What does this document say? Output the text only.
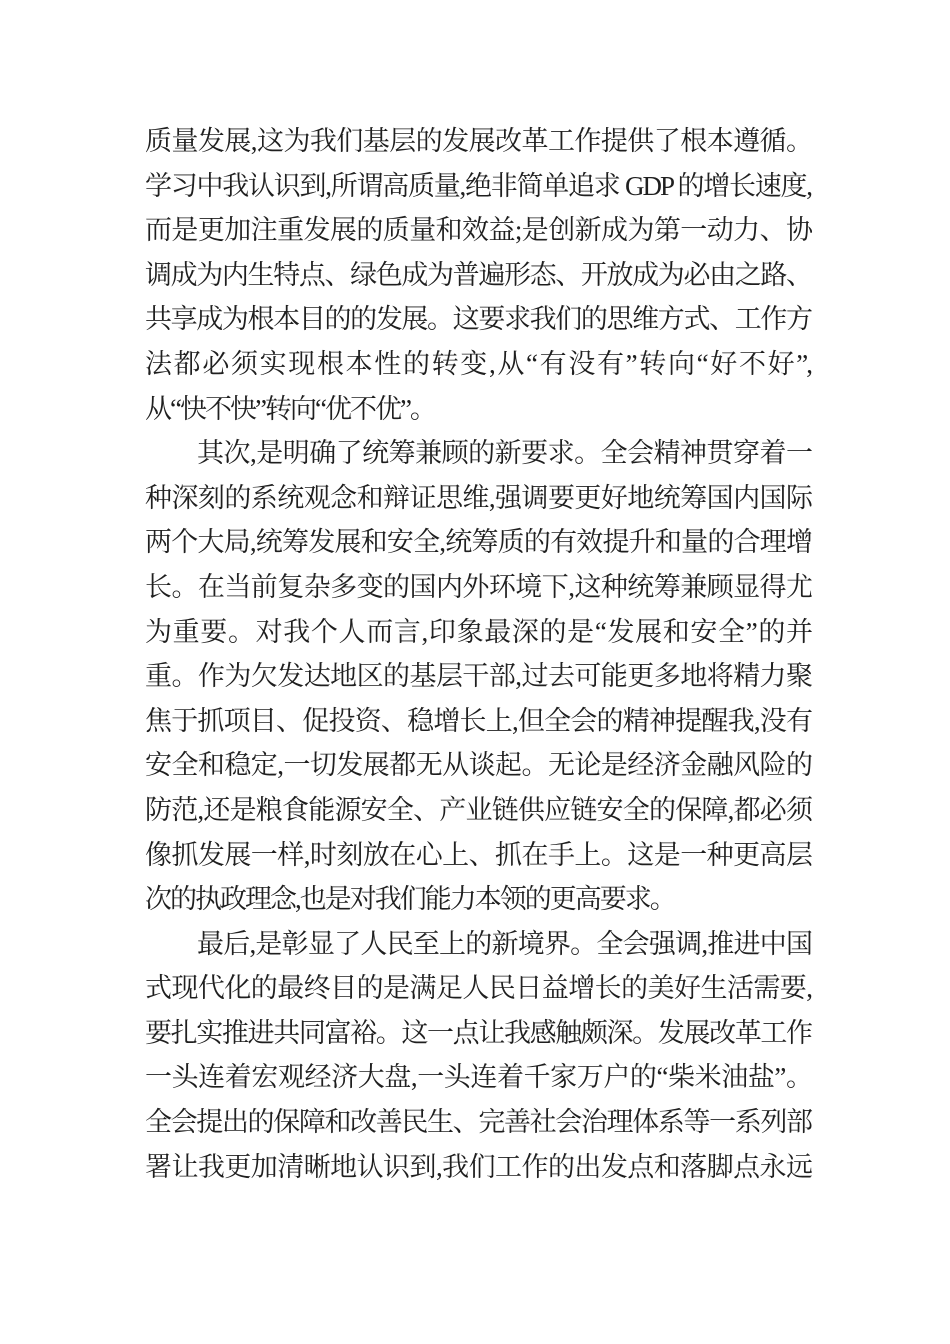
质量发展,这为我们基层的发展改革工作提供了根本遵循。
学习中我认识到,所谓高质量,绝非简单追求 GDP 的增长速度,
而是更加注重发展的质量和效益;是创新成为第一动力、协
调成为内生特点、绿色成为普遍形态、开放成为必由之路、
共享成为根本目的的发展。这要求我们的思维方式、工作方
法都必须实现根本性的转变,从“有没有”转向“好不好”,
从“快不快”转向“优不优”。
其次,是明确了统筹兼顾的新要求。全会精神贯穿着一
种深刻的系统观念和辩证思维,强调要更好地统筹国内国际
两个大局,统筹发展和安全,统筹质的有效提升和量的合理增
长。在当前复杂多变的国内外环境下,这种统筹兼顾显得尤
为重要。对我个人而言,印象最深的是“发展和安全”的并
重。作为欠发达地区的基层干部,过去可能更多地将精力聚
焦于抓项目、促投资、稳增长上,但全会的精神提醒我,没有
安全和稳定,一切发展都无从谈起。无论是经济金融风险的
防范,还是粮食能源安全、产业链供应链安全的保障,都必须
像抓发展一样,时刻放在心上、抓在手上。这是一种更高层
次的执政理念,也是对我们能力本领的更高要求。
最后,是彰显了人民至上的新境界。全会强调,推进中国
式现代化的最终目的是满足人民日益增长的美好生活需要,
要扎实推进共同富裕。这一点让我感触颇深。发展改革工作
一头连着宏观经济大盘,一头连着千家万户的“柴米油盐”。
全会提出的保障和改善民生、完善社会治理体系等一系列部
署让我更加清晰地认识到,我们工作的出发点和落脚点永远
